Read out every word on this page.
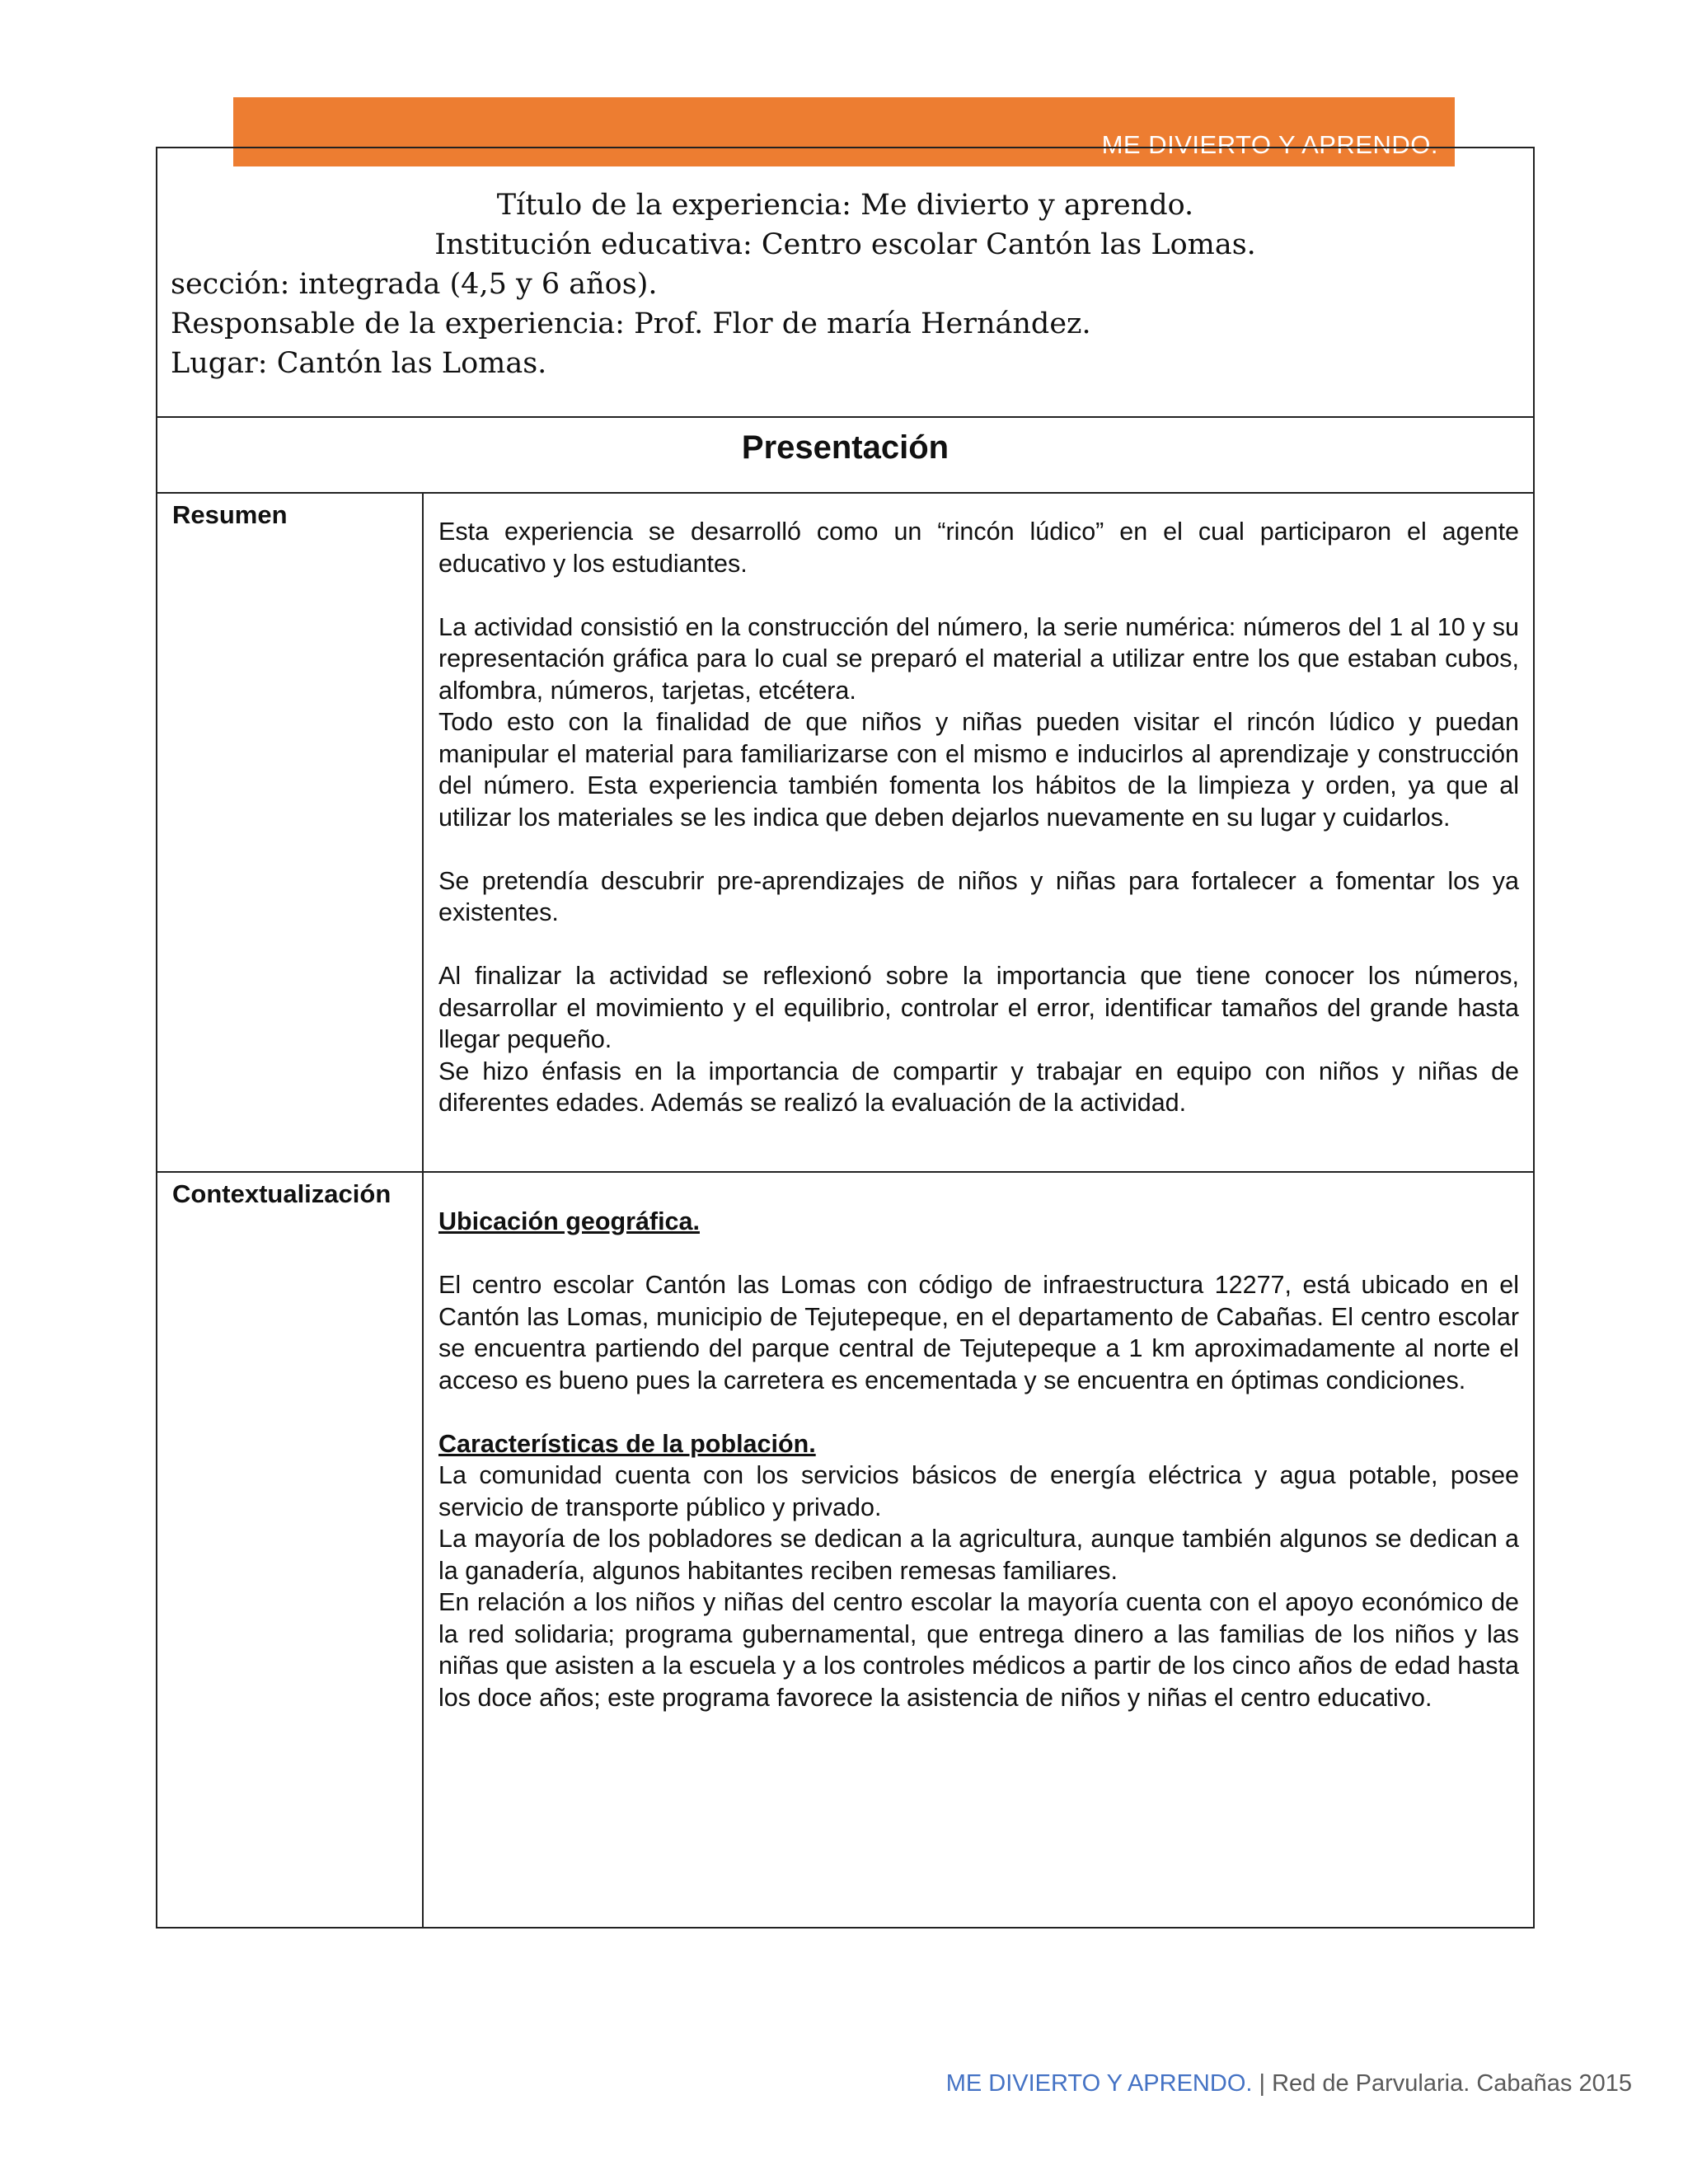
ME DIVIERTO Y APRENDO.
Título de la experiencia: Me divierto y aprendo.
Institución educativa: Centro escolar Cantón las Lomas.
sección: integrada (4,5 y 6 años).
Responsable de la experiencia: Prof. Flor de maría Hernández.
Lugar: Cantón las Lomas.
Presentación
Resumen

Esta experiencia se desarrolló como un “rincón lúdico” en el cual participaron el agente educativo y los estudiantes.

La actividad consistió en la construcción del número, la serie numérica: números del 1 al 10 y su representación gráfica para lo cual se preparó el material a utilizar entre los que estaban cubos, alfombra, números, tarjetas, etcétera.

Todo esto con la finalidad de que niños y niñas pueden visitar el rincón lúdico y puedan manipular el material para familiarizarse con el mismo e inducirlos al aprendizaje y construcción del número. Esta experiencia también fomenta los hábitos de la limpieza y orden, ya que al utilizar los materiales se les indica que deben dejarlos nuevamente en su lugar y cuidarlos.

Se pretendía descubrir pre-aprendizajes de niños y niñas para fortalecer a fomentar los ya existentes.

Al finalizar la actividad se reflexionó sobre la importancia que tiene conocer los números, desarrollar el movimiento y el equilibrio, controlar el error, identificar tamaños del grande hasta llegar pequeño.

Se hizo énfasis en la importancia de compartir y trabajar en equipo con niños y niñas de diferentes edades. Además se realizó la evaluación de la actividad.

Contextualización

Ubicación geográfica.

El centro escolar Cantón las Lomas con código de infraestructura 12277, está ubicado en el Cantón las Lomas, municipio de Tejutepeque, en el departamento de Cabañas. El centro escolar se encuentra partiendo del parque central de Tejutepeque a 1 km aproximadamente al norte el acceso es bueno pues la carretera es encementada y se encuentra en óptimas condiciones.

Características de la población.

La comunidad cuenta con los servicios básicos de energía eléctrica y agua potable, posee servicio de transporte público y privado.

La mayoría de los pobladores se dedican a la agricultura, aunque también algunos se dedican a la ganadería, algunos habitantes reciben remesas familiares.

En relación a los niños y niñas del centro escolar la mayoría cuenta con el apoyo económico de la red solidaria; programa gubernamental, que entrega dinero a las familias de los niños y las niñas que asisten a la escuela y a los controles médicos a partir de los cinco años de edad hasta los doce años; este programa favorece la asistencia de niños y niñas el centro educativo.

ME DIVIERTO Y APRENDO. | Red de Parvularia. Cabañas 2015
